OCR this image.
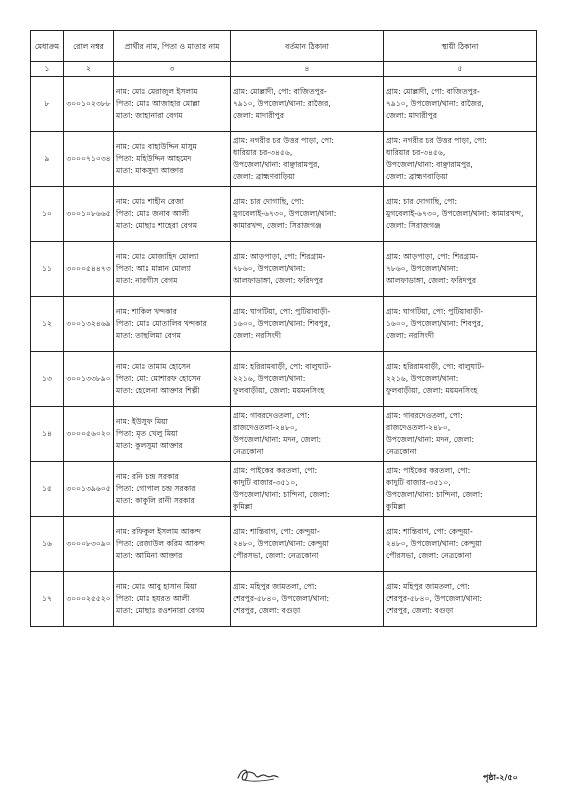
মেধাক্রম	রোল নম্বর	প্রার্থীর নাম, পিতা ও মাতার নাম	বর্তমান ঠিকানা	স্থায়ী ঠিকানা
১	২	৩	৪	৫
৮	৩০০১০২৩৮৮	নাম: মোঃ মেরাজুল ইসলাম
পিতা: মোঃ আজাহার মোল্লা
মাতা: জাহানারা বেগম	গ্রাম: মোল্লাদী, পো: বাজিতপুর-
৭৯১০, উপজেলা/থানা: রাজৈর,
জেলা: মাদারীপুর	গ্রাম: মোল্লাদী, পো: বাজিতপুর-
৭৯১০, উপজেলা/থানা: রাজৈর,
জেলা: মাদারীপুর

৯	৩০০০৭১০৩৪	নাম: মোঃ বাহাউদ্দিন মাসুম
পিতা: মহিউদ্দিন আহমেদ
মাতা: মাকসুদা আক্তার	গ্রাম: নগরীর চর উত্তর পাড়া, পো:
ধারিয়ার চর-৩৪৫৬,
উপজেলা/থানা: বাঞ্ছারামপুর,
জেলা: ব্রাহ্মণবাড়িয়া	গ্রাম: নগরীর চর উত্তর পাড়া, পো:
ধারিয়ার চর-৩৪৫৬,
উপজেলা/থানা: বাঞ্ছারামপুর,
জেলা: ব্রাহ্মণবাড়িয়া

১০	৩০০১০৮৬৬৫	নাম: মোঃ শাহীন রেজা
পিতা: মোঃ জনাব আলী
মাতা: মোছাঃ শাহেরা বেগম	গ্রাম: চার দোগাছি, পো:
মুগবেলাই-৬৭৩০, উপজেলা/থানা:
কামারখন্দ, জেলা: সিরাজগঞ্জ	গ্রাম: চার দোগাছি, পো:
মুগবেলাই-৬৭৩০, উপজেলা/থানা: কামারখন্দ,
জেলা: সিরাজগঞ্জ

১১	৩০০০৫৪৪৭৩	নাম: মোঃ মোজাহিদ মোল্যা
পিতা: আঃ মান্নান মোল্যা
মাতা: নারগীস বেগম	গ্রাম: আড়পাড়া, পো: শিরগ্রাম-
৭৮৬০, উপজেলা/থানা:
আলফাডাঙ্গা, জেলা: ফরিদপুর	গ্রাম: আড়পাড়া, পো: শিরগ্রাম-
৭৮৬০, উপজেলা/থানা:
আলফাডাঙ্গা, জেলা: ফরিদপুর

১২	৩০০১৩২৪৬৯	নাম: শাকিল খন্দকার
পিতা: মোঃ মোতালিব খন্দকার
মাতা: তাছলিমা বেগম	গ্রাম: ঘাগটিয়া, পো: পুটিয়াবাড়ী-
১৬০০, উপজেলা/থানা: শিবপুর,
জেলা: নরসিংদী	গ্রাম: ঘাগটিয়া, পো: পুটিয়াবাড়ী-
১৬০০, উপজেলা/থানা: শিবপুর,
জেলা: নরসিংদী

১৩	৩০০১৩৩৮৯০	নাম: মোঃ তামাম হোসেন
পিতা: মো: মোশারফ হোসেন
মাতা: হেলেনা আক্তার শিল্পী	গ্রাম: হরিরামবাড়ী, পো: বালুঘাট-
২২১৬, উপজেলা/থানা:
ফুলবাড়ীয়া, জেলা: ময়মনসিংহ	গ্রাম: হরিরামবাড়ী, পো: বালুঘাট-
২২১৬, উপজেলা/থানা:
ফুলবাড়ীয়া, জেলা: ময়মনসিংহ

১৪	৩০০০৫৬০২০	নাম: ইউসুফ মিয়া
পিতা: মৃত খেলু মিয়া
মাতা: কুলসুমা আক্তার	গ্রাম: গাবরদেওতলা, পো:
রাজদেওতলা-২৪৮০,
উপজেলা/থানা: মদন, জেলা:
নেত্রকোনা	গ্রাম: গাবরদেওতলা, পো:
রাজদেওতলা-২৪৮০,
উপজেলা/থানা: মদন, জেলা:
নেত্রকোনা

১৫	৩০০১৩৯৬০৫	নাম: রনি চন্দ্র সরকার
পিতা: গোপাল চন্দ্র সরকার
মাতা: কাকুলি রানী সরকার	গ্রাম: পাইকের করতলা, পো:
কাদুটি বাজার-৩৫১০,
উপজেলা/থানা: চান্দিনা, জেলা:
কুমিল্লা	গ্রাম: পাইকের করতলা, পো:
কাদুটি বাজার-৩৫১০,
উপজেলা/থানা: চান্দিনা, জেলা:
কুমিল্লা

১৬	৩০০০৮৩০৯০	নাম: রফিকুল ইসলাম আকন্দ
পিতা: রেজাউল করিম আকন্দ
মাতা: আমিনা আক্তার	গ্রাম: শান্তিবাগ, পো: কেন্দুয়া-
২৪৮০, উপজেলা/থানা: কেন্দুয়া
পৌরসভা, জেলা: নেত্রকোনা	গ্রাম: শান্তিবাগ, পো: কেন্দুয়া-
২৪৮০, উপজেলা/থানা: কেন্দুয়া
পৌরসভা, জেলা: নেত্রকোনা

১৭	৩০০০২৫৫২০	নাম: মোঃ আবু হাসান মিয়া
পিতা: মোঃ হযরত আলী
মাতা: মোছাঃ রওশনারা বেগম	গ্রাম: মহিপুর জামতলা, পো:
শেরপুর-৫৮৪০, উপজেলা/থানা:
শেরপুর, জেলা: বগুড়া	গ্রাম: মহিপুর জামতলা, পো:
শেরপুর-৫৮৪০, উপজেলা/থানা:
শেরপুর, জেলা: বগুড়া
পৃষ্ঠা-২/৫০
